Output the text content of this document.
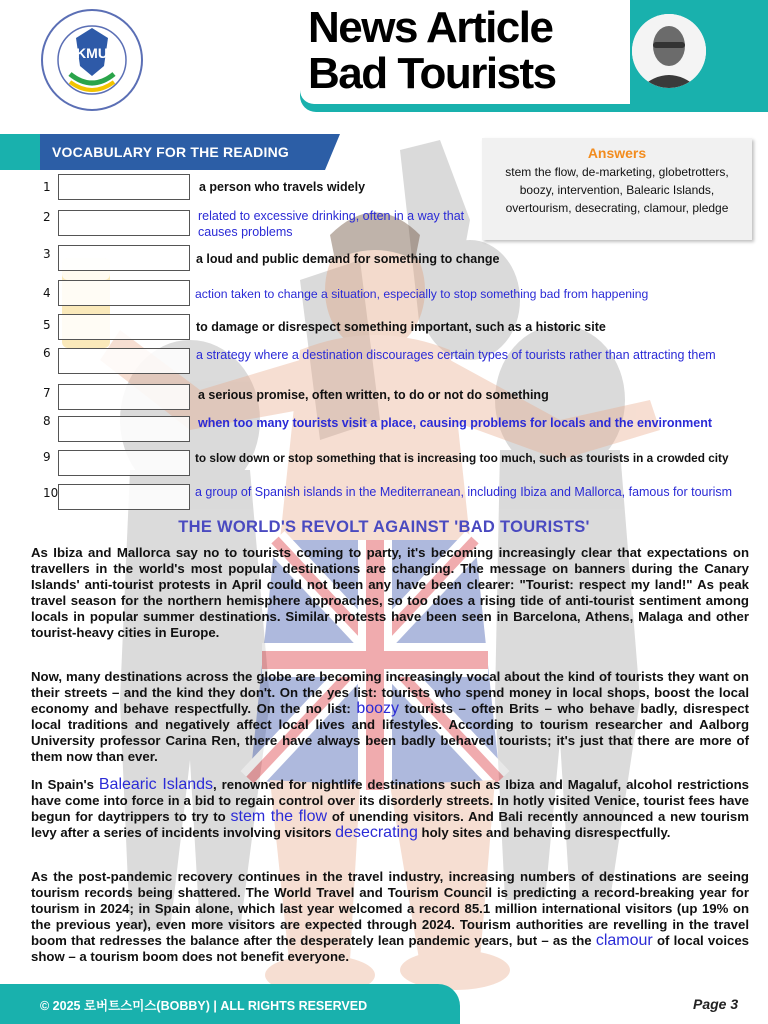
News Article
Bad Tourists
KMU
VOCABULARY FOR THE READING	Answers
stem the flow, de-marketing, globetrotters, boozy, intervention, Balearic Islands, overtourism, desecrating, clamour, pledge
1	a person who travels widely
2	related to excessive drinking, often in a way that causes problems
3	a loud and public demand for something to change
4	action taken to change a situation, especially to stop something bad from happening
5	to damage or disrespect something important, such as a historic site
6	a strategy where a destination discourages certain types of tourists rather than attracting them
7	a serious promise, often written, to do or not do something
8	when too many tourists visit a place, causing problems for locals and the environment
9	to slow down or stop something that is increasing too much, such as tourists in a crowded city
10	a group of Spanish islands in the Mediterranean, including Ibiza and Mallorca, famous for tourism
THE WORLD'S REVOLT AGAINST 'BAD TOURISTS'

As Ibiza and Mallorca say no to tourists coming to party, it's becoming increasingly clear that expectations on travellers in the world's most popular destinations are changing. The message on banners during the Canary Islands' anti-tourist protests in April could not been any have been clearer: "Tourist: respect my land!" As peak travel season for the northern hemisphere approaches, so too does a rising tide of anti-tourist sentiment among locals in popular summer destinations. Similar protests have been seen in Barcelona, Athens, Malaga and other tourist-heavy cities in Europe.

Now, many destinations across the globe are becoming increasingly vocal about the kind of tourists they want on their streets – and the kind they don't. On the yes list: tourists who spend money in local shops, boost the local economy and behave respectfully. On the no list: boozy tourists – often Brits – who behave badly, disrespect local traditions and negatively affect local lives and lifestyles. According to tourism researcher and Aalborg University professor Carina Ren, there have always been badly behaved tourists; it's just that there are more of them now than ever.

In Spain's Balearic Islands, renowned for nightlife destinations such as Ibiza and Magaluf, alcohol restrictions have come into force in a bid to regain control over its disorderly streets. In hotly visited Venice, tourist fees have begun for daytrippers to try to stem the flow of unending visitors. And Bali recently announced a new tourism levy after a series of incidents involving visitors desecrating holy sites and behaving disrespectfully.

As the post-pandemic recovery continues in the travel industry, increasing numbers of destinations are seeing tourism records being shattered. The World Travel and Tourism Council is predicting a record-breaking year for tourism in 2024; in Spain alone, which last year welcomed a record 85.1 million international visitors (up 19% on the previous year), even more visitors are expected through 2024. Tourism authorities are revelling in the travel boom that redresses the balance after the desperately lean pandemic years, but – as the clamour of local voices show – a tourism boom does not benefit everyone.

© 2025 로버트스미스(BOBBY) | ALL RIGHTS RESERVED	Page 3
